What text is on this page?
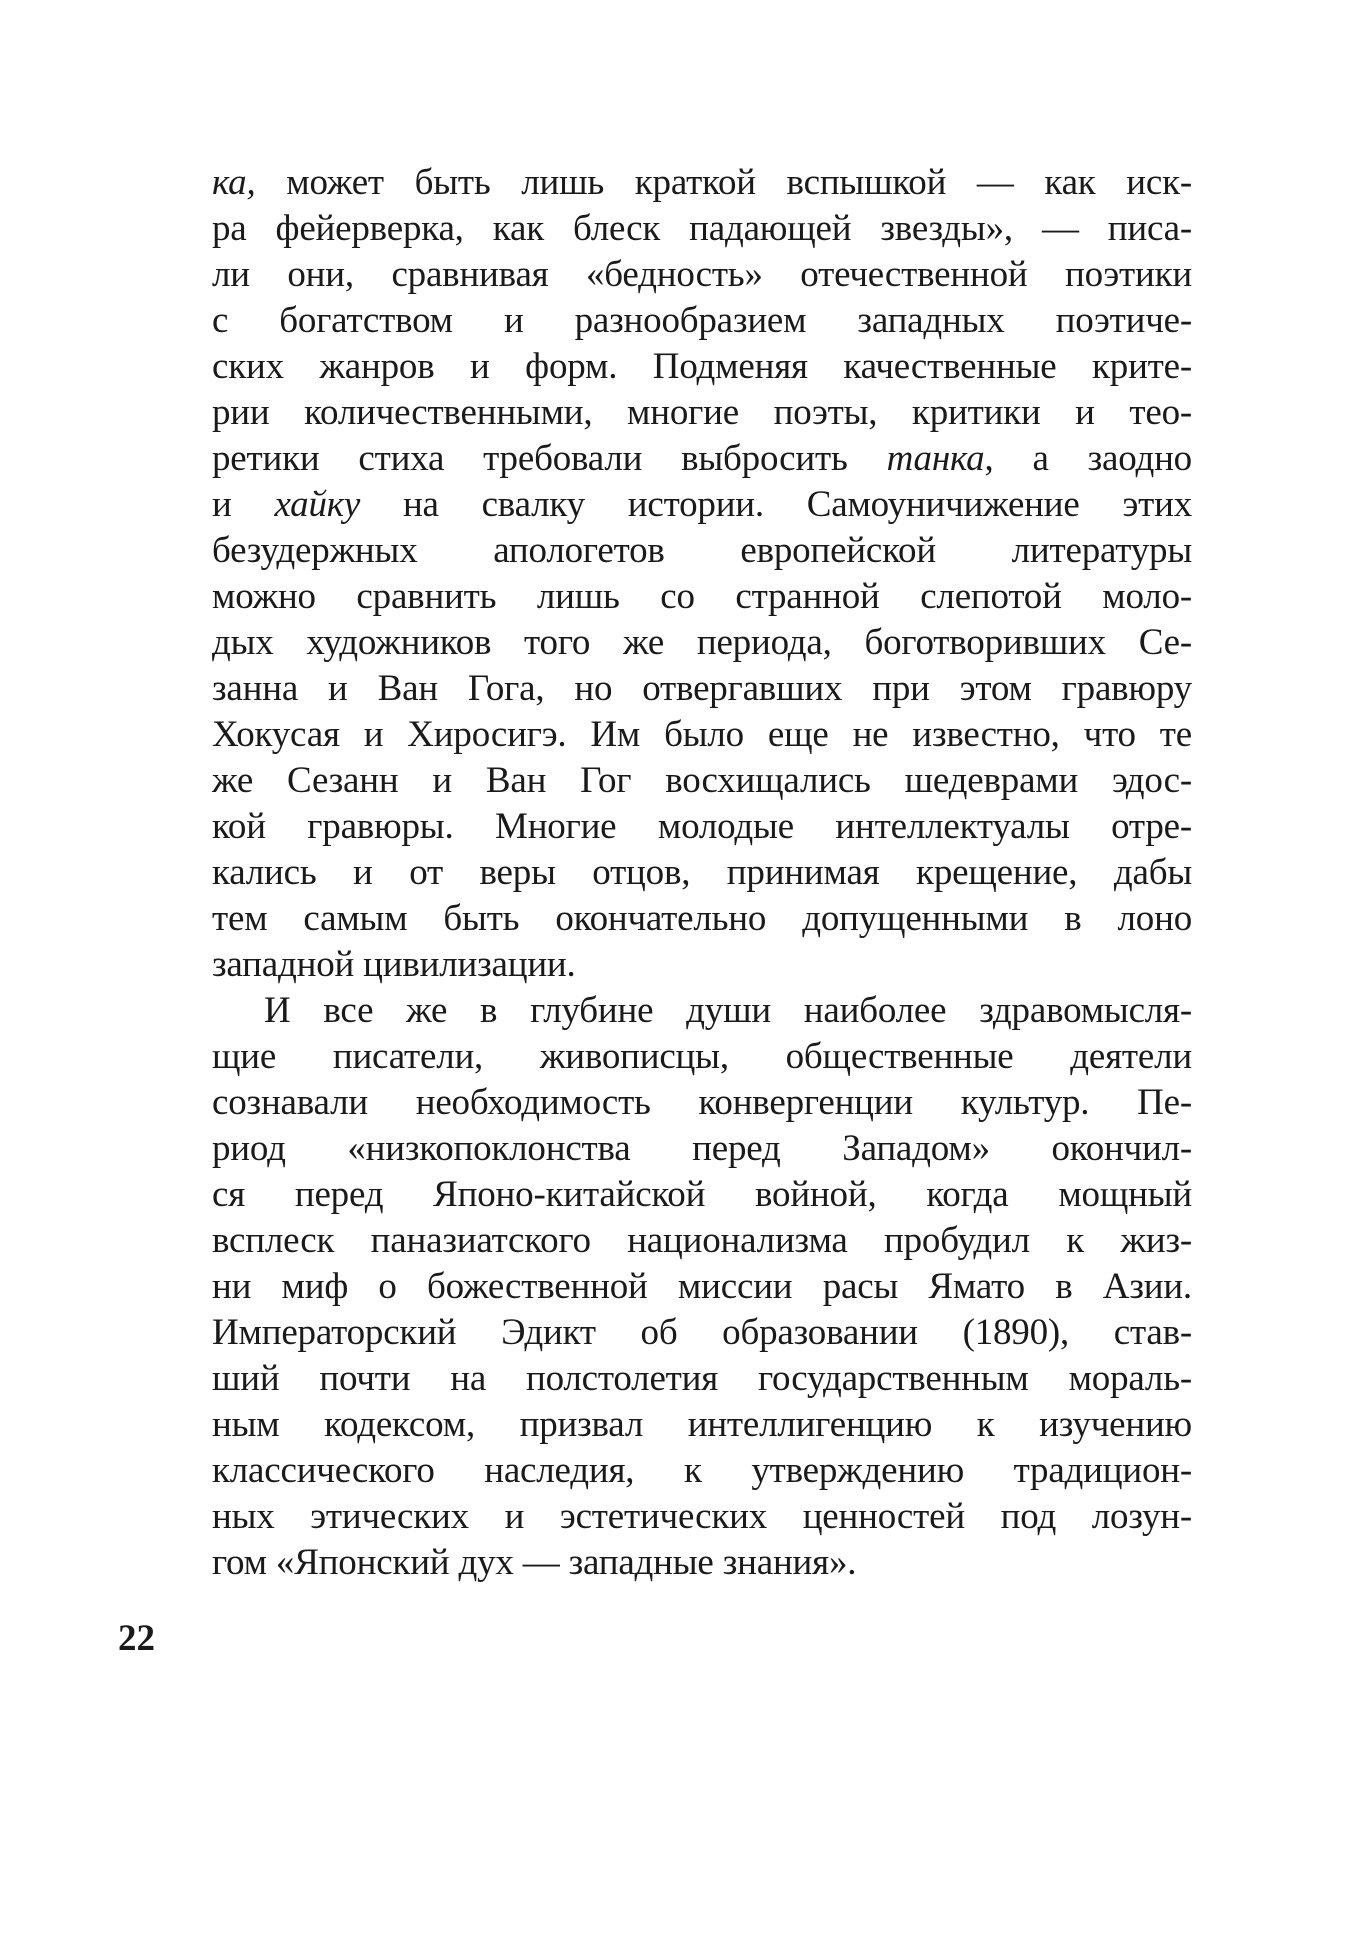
ка, может быть лишь краткой вспышкой — как иск-
ра фейерверка, как блеск падающей звезды», — писа-
ли они, сравнивая «бедность» отечественной поэтики
с богатством и разнообразием западных поэтиче-
ских жанров и форм. Подменяя качественные крите-
рии количественными, многие поэты, критики и тео-
ретики стиха требовали выбросить танка, а заодно
и хайку на свалку истории. Самоуничижение этих
безудержных апологетов европейской литературы
можно сравнить лишь со странной слепотой моло-
дых художников того же периода, боготворивших Се-
занна и Ван Гога, но отвергавших при этом гравюру
Хокусая и Хиросигэ. Им было еще не известно, что те
же Сезанн и Ван Гог восхищались шедеврами эдос-
кой гравюры. Многие молодые интеллектуалы отре-
кались и от веры отцов, принимая крещение, дабы
тем самым быть окончательно допущенными в лоно
западной цивилизации.
И все же в глубине души наиболее здравомысля-
щие писатели, живописцы, общественные деятели
сознавали необходимость конвергенции культур. Пе-
риод «низкопоклонства перед Западом» окончил-
ся перед Японо-китайской войной, когда мощный
всплеск паназиатского национализма пробудил к жиз-
ни миф о божественной миссии расы Ямато в Азии.
Императорский Эдикт об образовании (1890), став-
ший почти на полстолетия государственным мораль-
ным кодексом, призвал интеллигенцию к изучению
классического наследия, к утверждению традицион-
ных этических и эстетических ценностей под лозун-
гом «Японский дух — западные знания».
22
